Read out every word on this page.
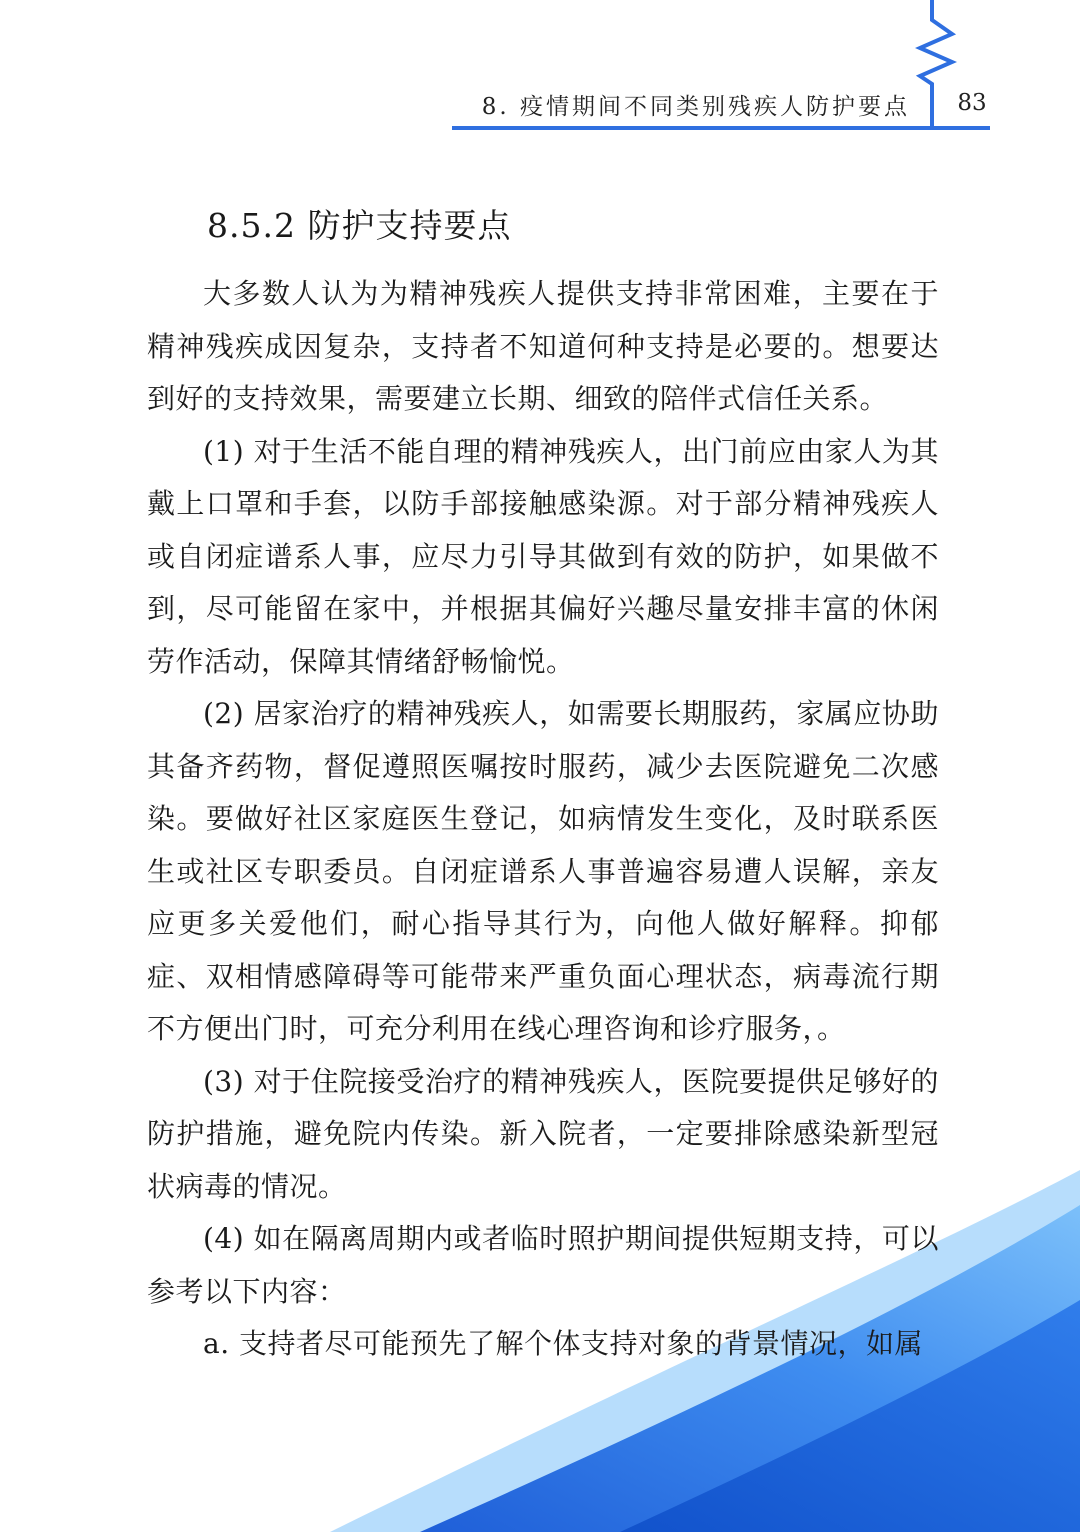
8. 疫情期间不同类别残疾人防护要点	83
8.5.2 防护支持要点

大多数人认为为精神残疾人提供支持非常困难，主要在于精神残疾成因复杂，支持者不知道何种支持是必要的。想要达到好的支持效果，需要建立长期、细致的陪伴式信任关系。

(1) 对于生活不能自理的精神残疾人，出门前应由家人为其戴上口罩和手套，以防手部接触感染源。对于部分精神残疾人或自闭症谱系人事，应尽力引导其做到有效的防护，如果做不到，尽可能留在家中，并根据其偏好兴趣尽量安排丰富的休闲劳作活动，保障其情绪舒畅愉悦。

(2) 居家治疗的精神残疾人，如需要长期服药，家属应协助其备齐药物，督促遵照医嘱按时服药，减少去医院避免二次感染。要做好社区家庭医生登记，如病情发生变化，及时联系医生或社区专职委员。自闭症谱系人事普遍容易遭人误解，亲友应更多关爱他们，耐心指导其行为，向他人做好解释。抑郁症、双相情感障碍等可能带来严重负面心理状态，病毒流行期不方便出门时，可充分利用在线心理咨询和诊疗服务，。

(3) 对于住院接受治疗的精神残疾人，医院要提供足够好的防护措施，避免院内传染。新入院者，一定要排除感染新型冠状病毒的情况。

(4) 如在隔离周期内或者临时照护期间提供短期支持，可以参考以下内容：

a. 支持者尽可能预先了解个体支持对象的背景情况，如属
